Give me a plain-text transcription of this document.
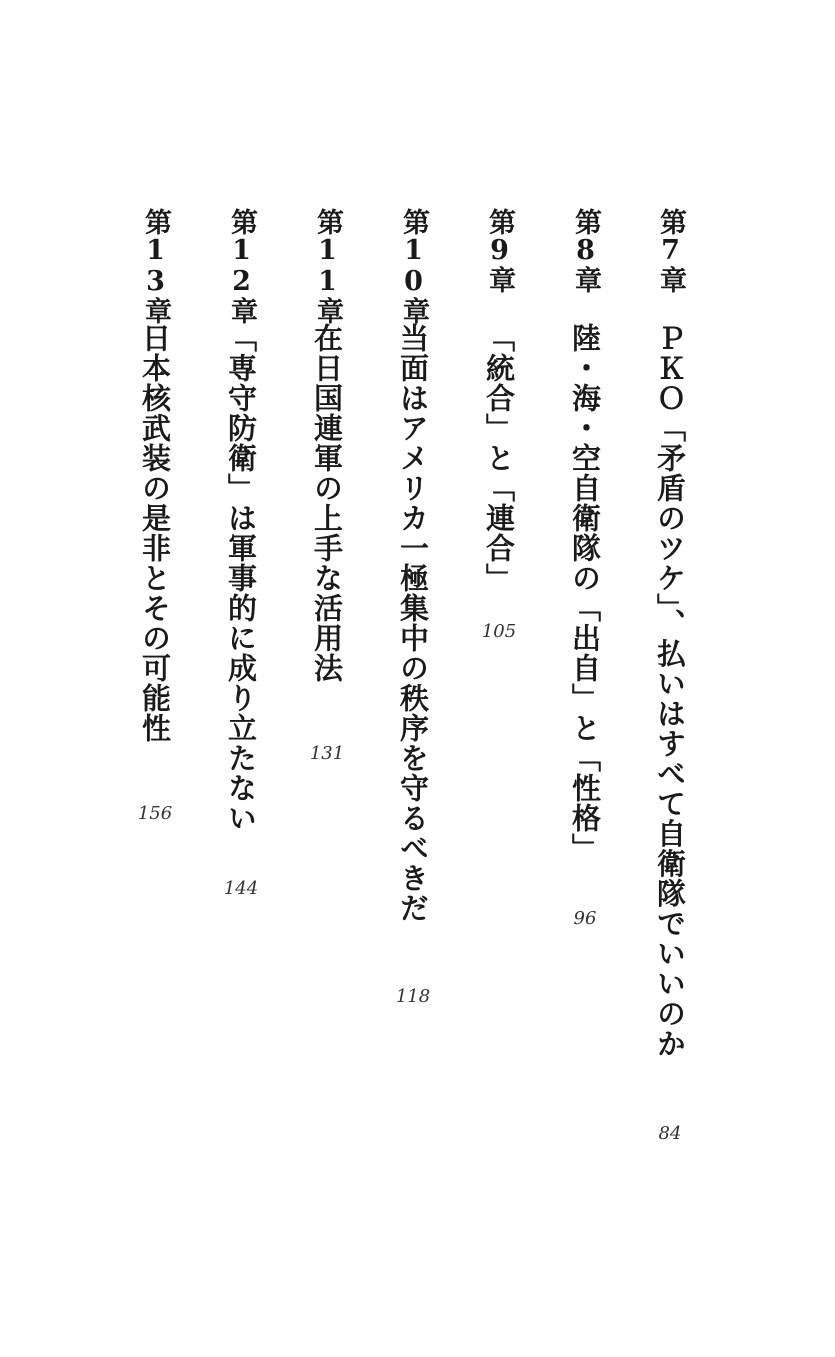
第7章
ＰＫＯ「矛盾のツケ」、払いはすべて自衛隊でいいのか
84
第8章
陸・海・空自衛隊の「出自」と「性格」
96
第9章
「統合」と「連合」
105
第10章
当面はアメリカ一極集中の秩序を守るべきだ
118
第11章
在日国連軍の上手な活用法
131
第12章
「専守防衛」は軍事的に成り立たない
144
第13章
日本核武装の是非とその可能性
156
